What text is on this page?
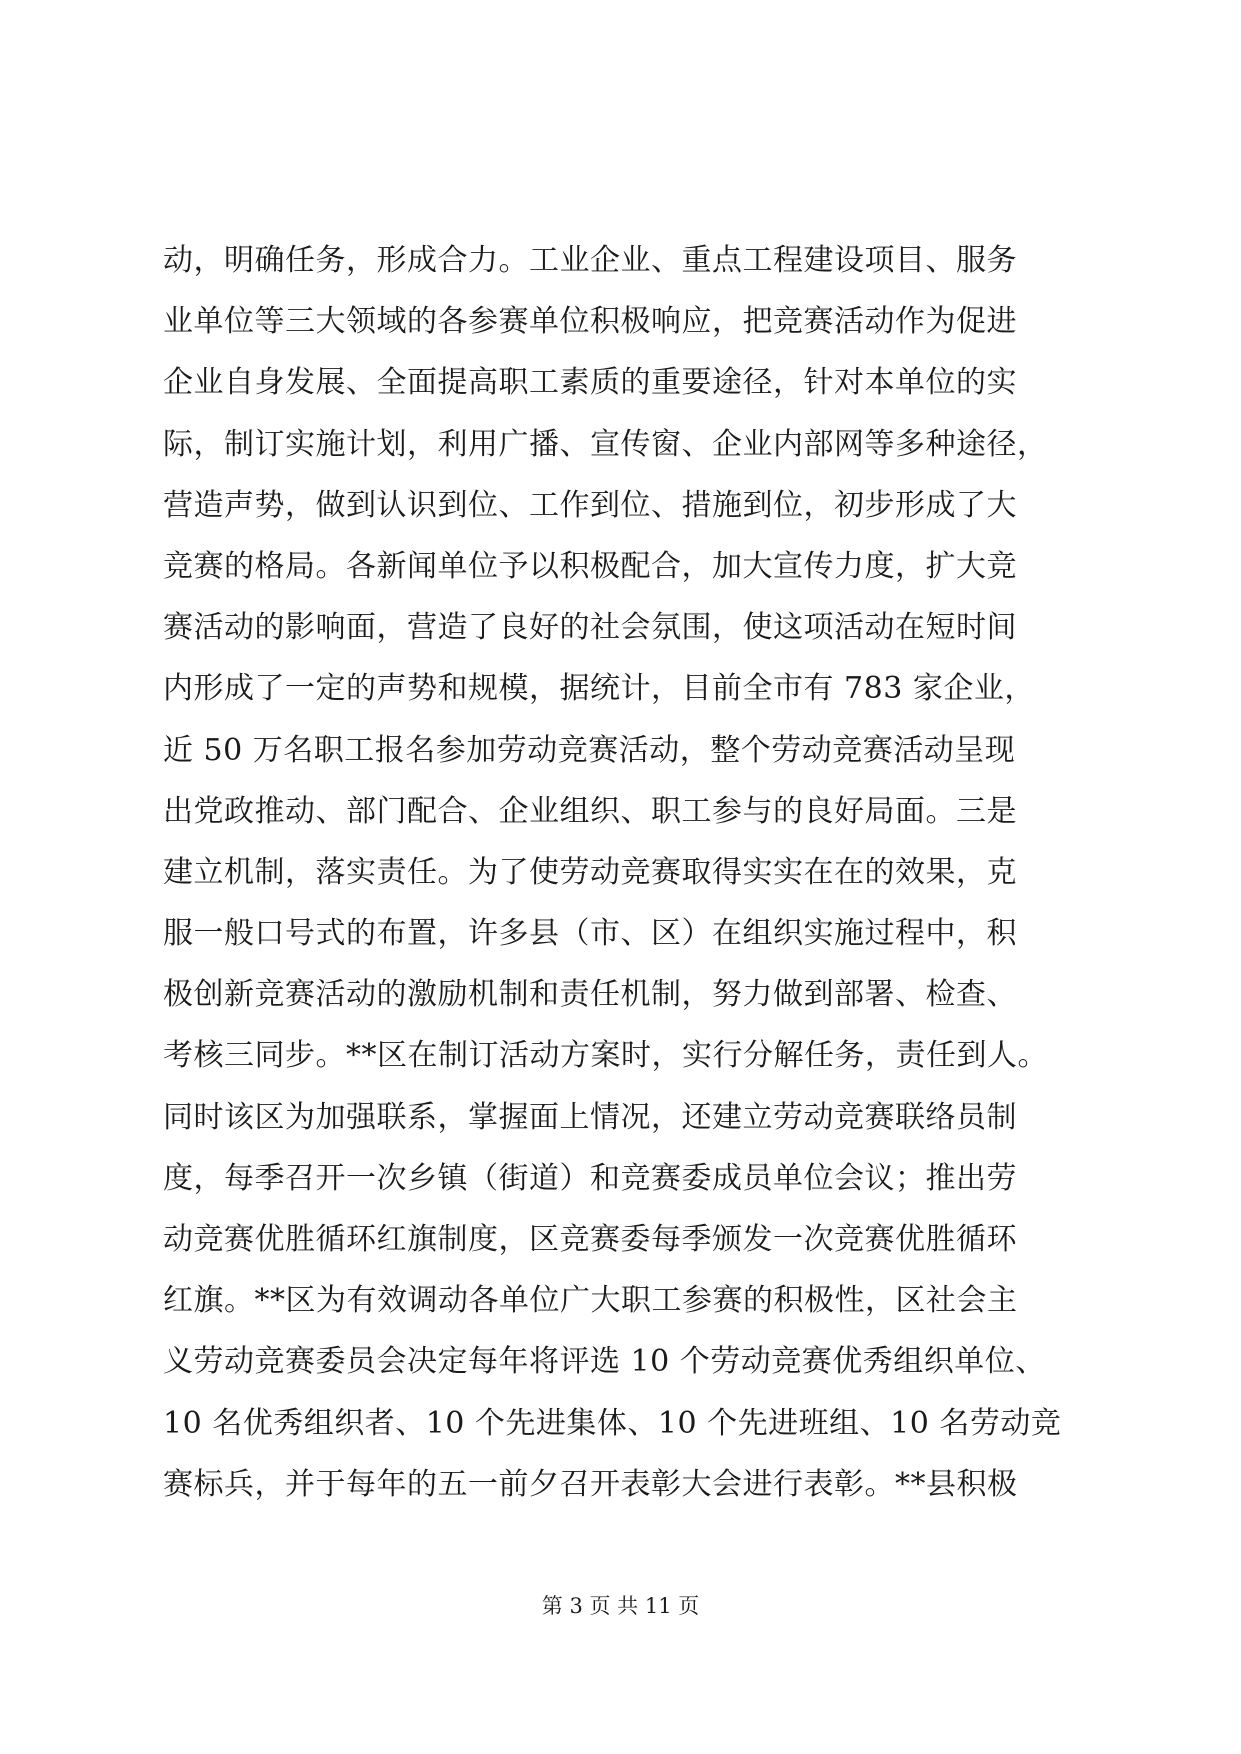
动，明确任务，形成合力。工业企业、重点工程建设项目、服务
业单位等三大领域的各参赛单位积极响应，把竞赛活动作为促进
企业自身发展、全面提高职工素质的重要途径，针对本单位的实
际，制订实施计划，利用广播、宣传窗、企业内部网等多种途径，
营造声势，做到认识到位、工作到位、措施到位，初步形成了大
竞赛的格局。各新闻单位予以积极配合，加大宣传力度，扩大竞
赛活动的影响面，营造了良好的社会氛围，使这项活动在短时间
内形成了一定的声势和规模，据统计，目前全市有 783 家企业，
近 50 万名职工报名参加劳动竞赛活动，整个劳动竞赛活动呈现
出党政推动、部门配合、企业组织、职工参与的良好局面。三是
建立机制，落实责任。为了使劳动竞赛取得实实在在的效果，克
服一般口号式的布置，许多县（市、区）在组织实施过程中，积
极创新竞赛活动的激励机制和责任机制，努力做到部署、检查、
考核三同步。**区在制订活动方案时，实行分解任务，责任到人。
同时该区为加强联系，掌握面上情况，还建立劳动竞赛联络员制
度，每季召开一次乡镇（街道）和竞赛委成员单位会议；推出劳
动竞赛优胜循环红旗制度，区竞赛委每季颁发一次竞赛优胜循环
红旗。**区为有效调动各单位广大职工参赛的积极性，区社会主
义劳动竞赛委员会决定每年将评选 10 个劳动竞赛优秀组织单位、
10 名优秀组织者、10 个先进集体、10 个先进班组、10 名劳动竞
赛标兵，并于每年的五一前夕召开表彰大会进行表彰。**县积极
第 3 页 共 11 页
